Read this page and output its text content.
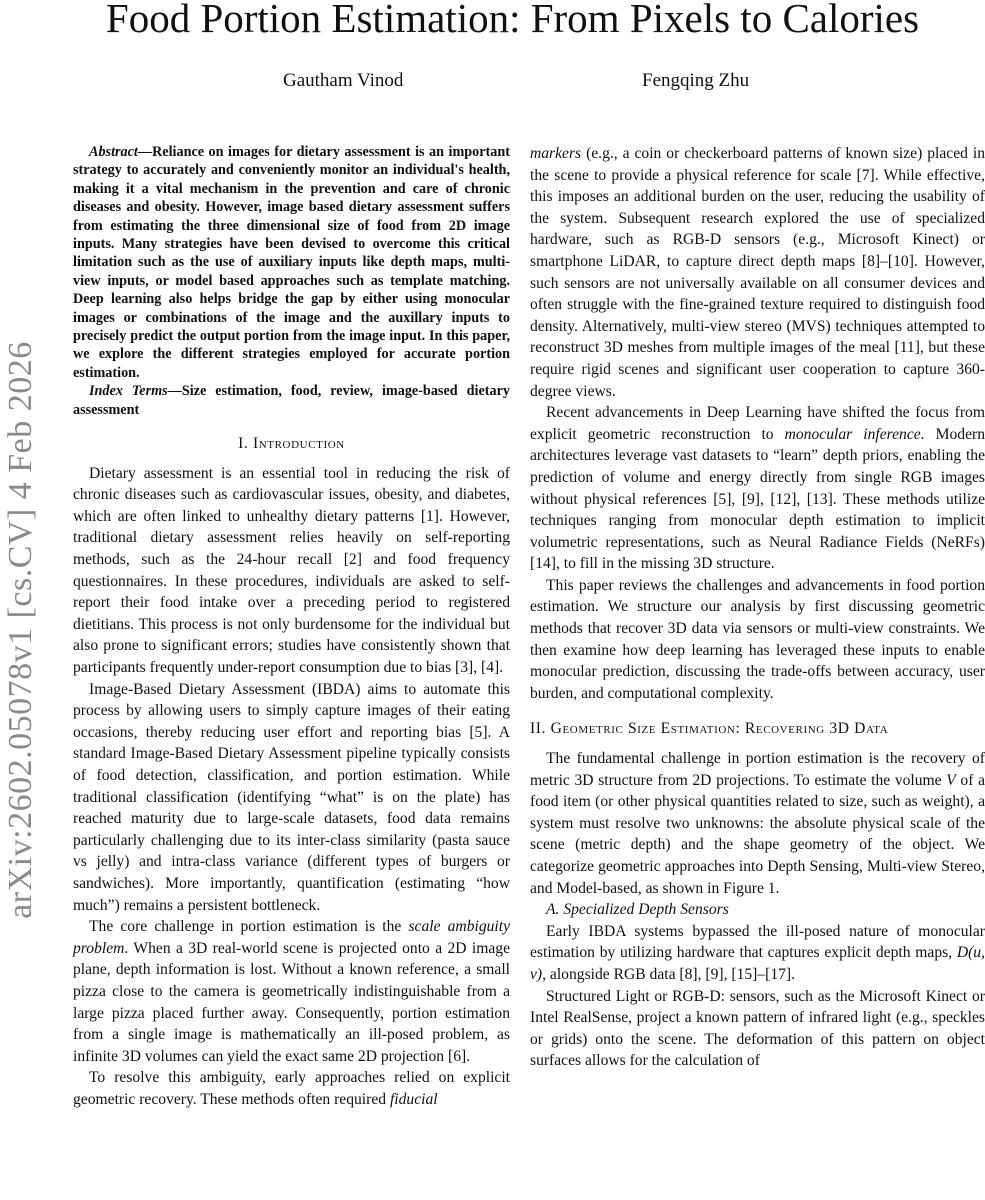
arXiv:2602.05078v1 [cs.CV] 4 Feb 2026
Food Portion Estimation: From Pixels to Calories
Gautham Vinod	Fengqing Zhu

Abstract—Reliance on images for dietary assessment is an important strategy to accurately and conveniently monitor an individual's health, making it a vital mechanism in the prevention and care of chronic diseases and obesity. However, image based dietary assessment suffers from estimating the three dimensional size of food from 2D image inputs. Many strategies have been devised to overcome this critical limitation such as the use of auxiliary inputs like depth maps, multi-view inputs, or model based approaches such as template matching. Deep learning also helps bridge the gap by either using monocular images or combinations of the image and the auxillary inputs to precisely predict the output portion from the image input. In this paper, we explore the different strategies employed for accurate portion estimation.

Index Terms—Size estimation, food, review, image-based dietary assessment

I. Introduction

Dietary assessment is an essential tool in reducing the risk of chronic diseases such as cardiovascular issues, obesity, and diabetes, which are often linked to unhealthy dietary patterns [1]. However, traditional dietary assessment relies heavily on self-reporting methods, such as the 24-hour recall [2] and food frequency questionnaires. In these procedures, individuals are asked to self-report their food intake over a preceding period to registered dietitians. This process is not only burdensome for the individual but also prone to significant errors; studies have consistently shown that participants frequently under-report consumption due to bias [3], [4].

Image-Based Dietary Assessment (IBDA) aims to automate this process by allowing users to simply capture images of their eating occasions, thereby reducing user effort and reporting bias [5]. A standard Image-Based Dietary Assessment pipeline typically consists of food detection, classification, and portion estimation. While traditional classification (identifying “what” is on the plate) has reached maturity due to large-scale datasets, food data remains particularly challenging due to its inter-class similarity (pasta sauce vs jelly) and intra-class variance (different types of burgers or sandwiches). More importantly, quantification (estimating “how much”) remains a persistent bottleneck.

The core challenge in portion estimation is the scale ambiguity problem. When a 3D real-world scene is projected onto a 2D image plane, depth information is lost. Without a known reference, a small pizza close to the camera is geometrically indistinguishable from a large pizza placed further away. Consequently, portion estimation from a single image is mathematically an ill-posed problem, as infinite 3D volumes can yield the exact same 2D projection [6].

To resolve this ambiguity, early approaches relied on explicit geometric recovery. These methods often required fiducial

markers (e.g., a coin or checkerboard patterns of known size) placed in the scene to provide a physical reference for scale [7]. While effective, this imposes an additional burden on the user, reducing the usability of the system. Subsequent research explored the use of specialized hardware, such as RGB-D sensors (e.g., Microsoft Kinect) or smartphone LiDAR, to capture direct depth maps [8]–[10]. However, such sensors are not universally available on all consumer devices and often struggle with the fine-grained texture required to distinguish food density. Alternatively, multi-view stereo (MVS) techniques attempted to reconstruct 3D meshes from multiple images of the meal [11], but these require rigid scenes and significant user cooperation to capture 360-degree views.

Recent advancements in Deep Learning have shifted the focus from explicit geometric reconstruction to monocular inference. Modern architectures leverage vast datasets to “learn” depth priors, enabling the prediction of volume and energy directly from single RGB images without physical references [5], [9], [12], [13]. These methods utilize techniques ranging from monocular depth estimation to implicit volumetric representations, such as Neural Radiance Fields (NeRFs) [14], to fill in the missing 3D structure.

This paper reviews the challenges and advancements in food portion estimation. We structure our analysis by first discussing geometric methods that recover 3D data via sensors or multi-view constraints. We then examine how deep learning has leveraged these inputs to enable monocular prediction, discussing the trade-offs between accuracy, user burden, and computational complexity.

II. Geometric Size Estimation: Recovering 3D Data

The fundamental challenge in portion estimation is the recovery of metric 3D structure from 2D projections. To estimate the volume V of a food item (or other physical quantities related to size, such as weight), a system must resolve two unknowns: the absolute physical scale of the scene (metric depth) and the shape geometry of the object. We categorize geometric approaches into Depth Sensing, Multi-view Stereo, and Model-based, as shown in Figure 1.

A. Specialized Depth Sensors

Early IBDA systems bypassed the ill-posed nature of monocular estimation by utilizing hardware that captures explicit depth maps, D(u, v), alongside RGB data [8], [9], [15]–[17].

Structured Light or RGB-D: sensors, such as the Microsoft Kinect or Intel RealSense, project a known pattern of infrared light (e.g., speckles or grids) onto the scene. The deformation of this pattern on object surfaces allows for the calculation of
